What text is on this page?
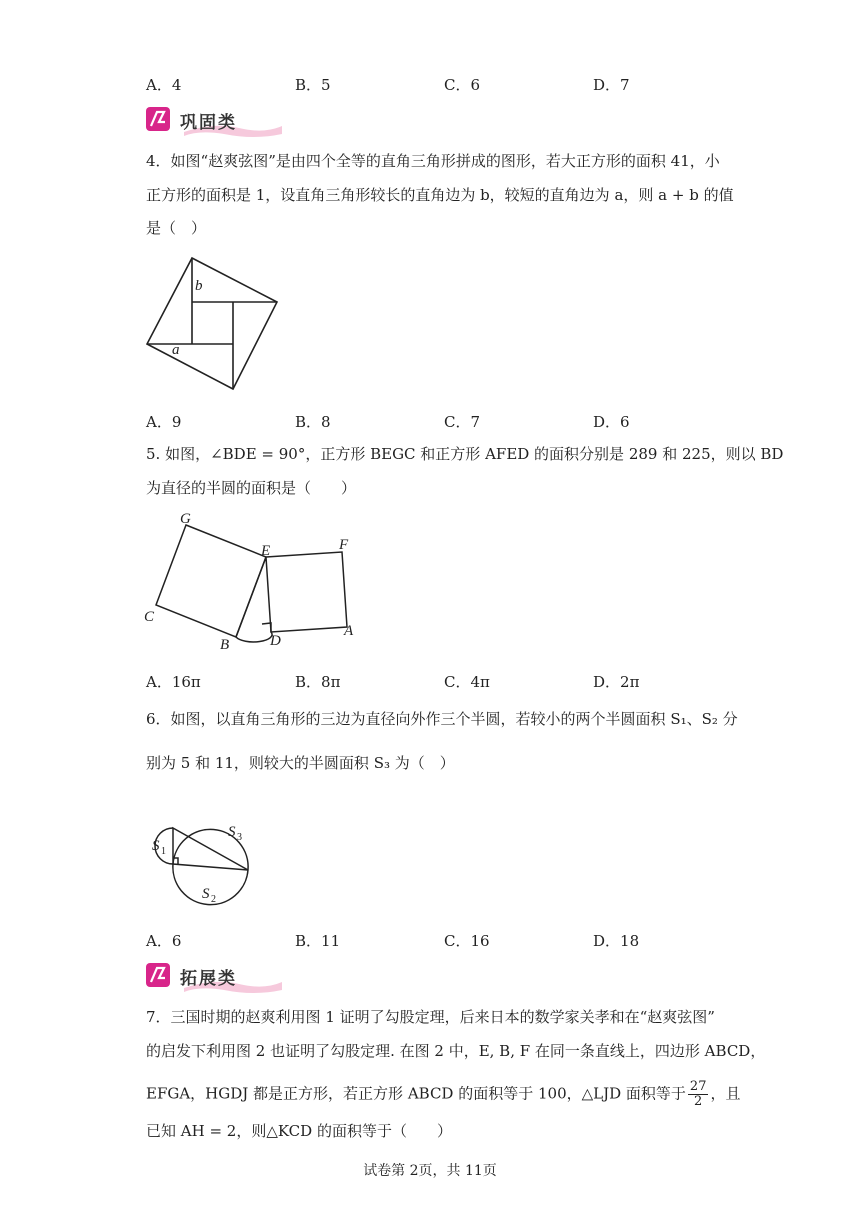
A．4	B．5	C．6	D．7
巩固类
4．如图“赵爽弦图”是由四个全等的直角三角形拼成的图形，若大正方形的面积 41，小
正方形的面积是 1，设直角三角形较长的直角边为 b，较短的直角边为 a，则 a + b 的值
是（　）
b
a
A．9	B．8	C．7	D．6
5. 如图，∠BDE = 90°，正方形 BEGC 和正方形 AFED 的面积分别是 289 和 225，则以 BD
为直径的半圆的面积是（　　）
G
E	F
C
B	D
A
A．16π	B．8π	C．4π	D．2π
6．如图，以直角三角形的三边为直径向外作三个半圆，若较小的两个半圆面积 S₁、S₂ 分
别为 5 和 11，则较大的半圆面积 S₃ 为（　）
S 1
S 3
S 2
A．6	B．11	C．16	D．18
拓展类
7．三国时期的赵爽利用图 1 证明了勾股定理，后来日本的数学家关孝和在“赵爽弦图”
的启发下利用图 2 也证明了勾股定理. 在图 2 中，E, B, F 在同一条直线上，四边形 ABCD，
EFGA，HGDJ 都是正方形，若正方形 ABCD 的面积等于 100，△LJD 面积等于 $\frac{27}{2}$ ，且
已知 AH = 2，则△KCD 的面积等于（　　）
试卷第 2页，共 11页
